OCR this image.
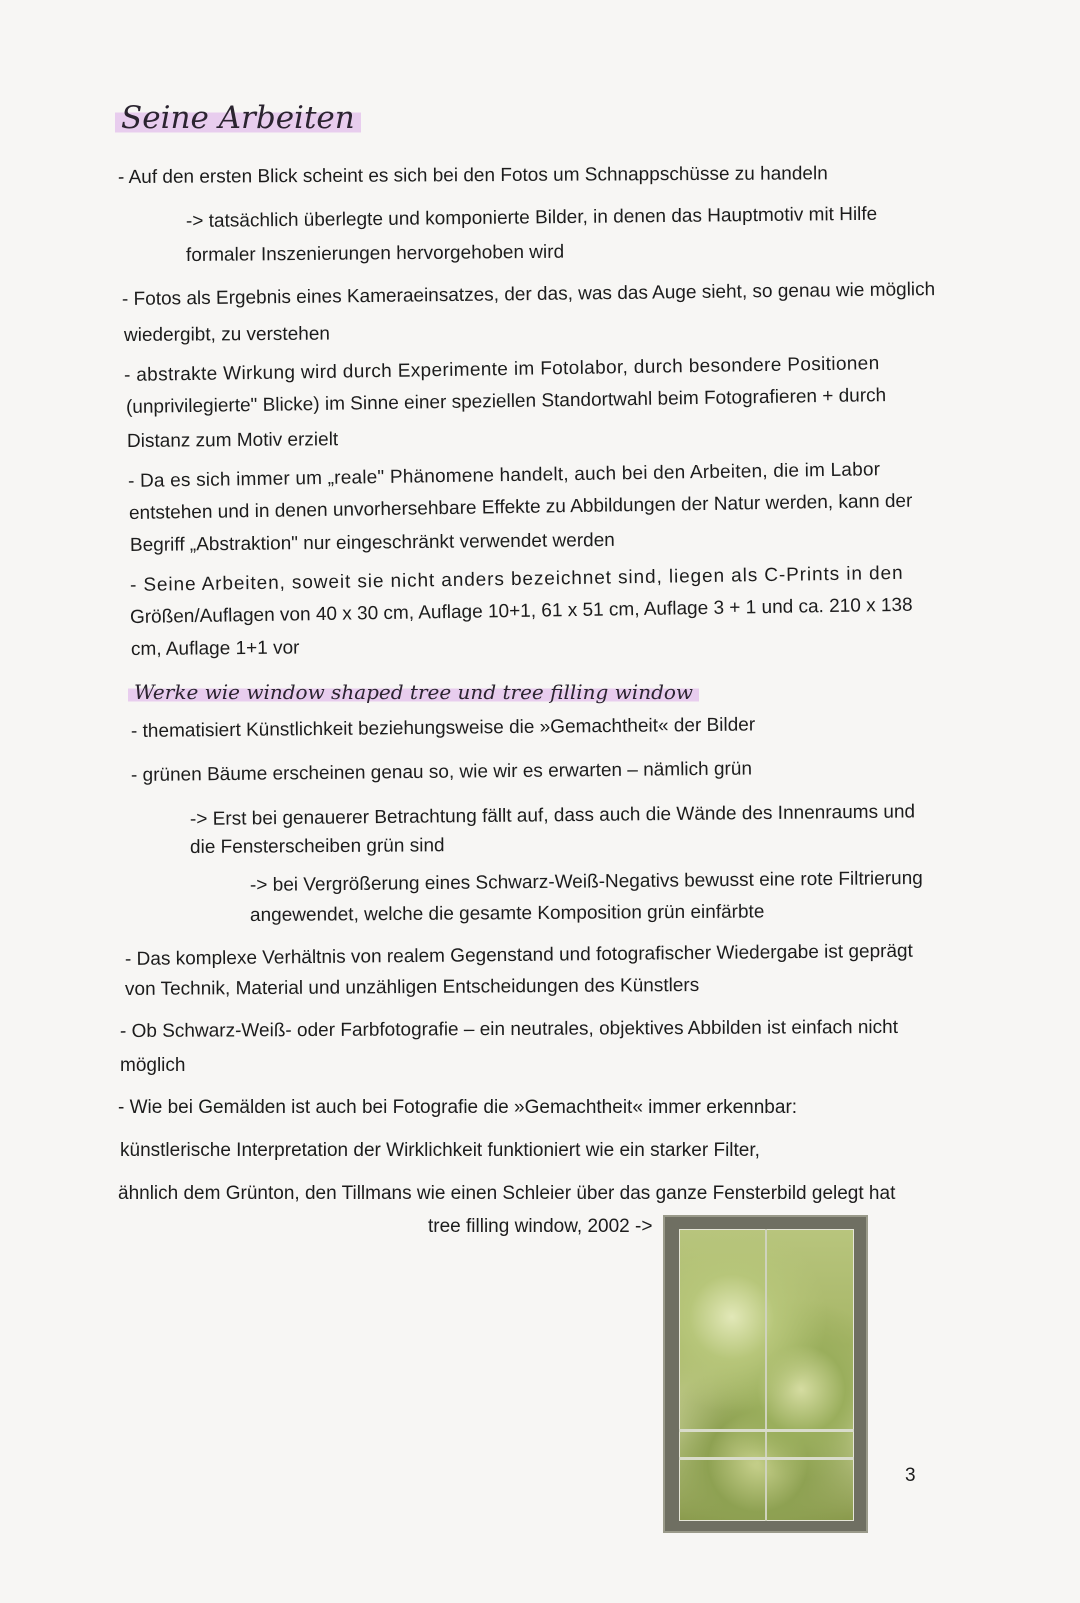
Seine Arbeiten
- Auf den ersten Blick scheint es sich bei den Fotos um Schnappschüsse zu handeln
-> tatsächlich überlegte und komponierte Bilder, in denen das Hauptmotiv mit Hilfe
formaler Inszenierungen hervorgehoben wird
- Fotos als Ergebnis eines Kameraeinsatzes, der das, was das Auge sieht, so genau wie möglich
wiedergibt, zu verstehen
- abstrakte Wirkung wird durch Experimente im Fotolabor, durch besondere Positionen
(unprivilegierte" Blicke) im Sinne einer speziellen Standortwahl beim Fotografieren + durch
Distanz zum Motiv erzielt
- Da es sich immer um „reale" Phänomene handelt, auch bei den Arbeiten, die im Labor
entstehen und in denen unvorhersehbare Effekte zu Abbildungen der Natur werden, kann der
Begriff „Abstraktion" nur eingeschränkt verwendet werden
- Seine Arbeiten, soweit sie nicht anders bezeichnet sind, liegen als C-Prints in den
Größen/Auflagen von 40 x 30 cm, Auflage 10+1, 61 x 51 cm, Auflage 3 + 1 und ca. 210 x 138
cm, Auflage 1+1 vor
Werke wie window shaped tree und tree filling window
- thematisiert Künstlichkeit beziehungsweise die »Gemachtheit« der Bilder
- grünen Bäume erscheinen genau so, wie wir es erwarten – nämlich grün
-> Erst bei genauerer Betrachtung fällt auf, dass auch die Wände des Innenraums und
die Fensterscheiben grün sind
-> bei Vergrößerung eines Schwarz-Weiß-Negativs bewusst eine rote Filtrierung
angewendet, welche die gesamte Komposition grün einfärbte
- Das komplexe Verhältnis von realem Gegenstand und fotografischer Wiedergabe ist geprägt
von Technik, Material und unzähligen Entscheidungen des Künstlers
- Ob Schwarz-Weiß- oder Farbfotografie – ein neutrales, objektives Abbilden ist einfach nicht
möglich
- Wie bei Gemälden ist auch bei Fotografie die »Gemachtheit« immer erkennbar:
künstlerische Interpretation der Wirklichkeit funktioniert wie ein starker Filter,
ähnlich dem Grünton, den Tillmans wie einen Schleier über das ganze Fensterbild gelegt hat
tree filling window, 2002 ->
3
